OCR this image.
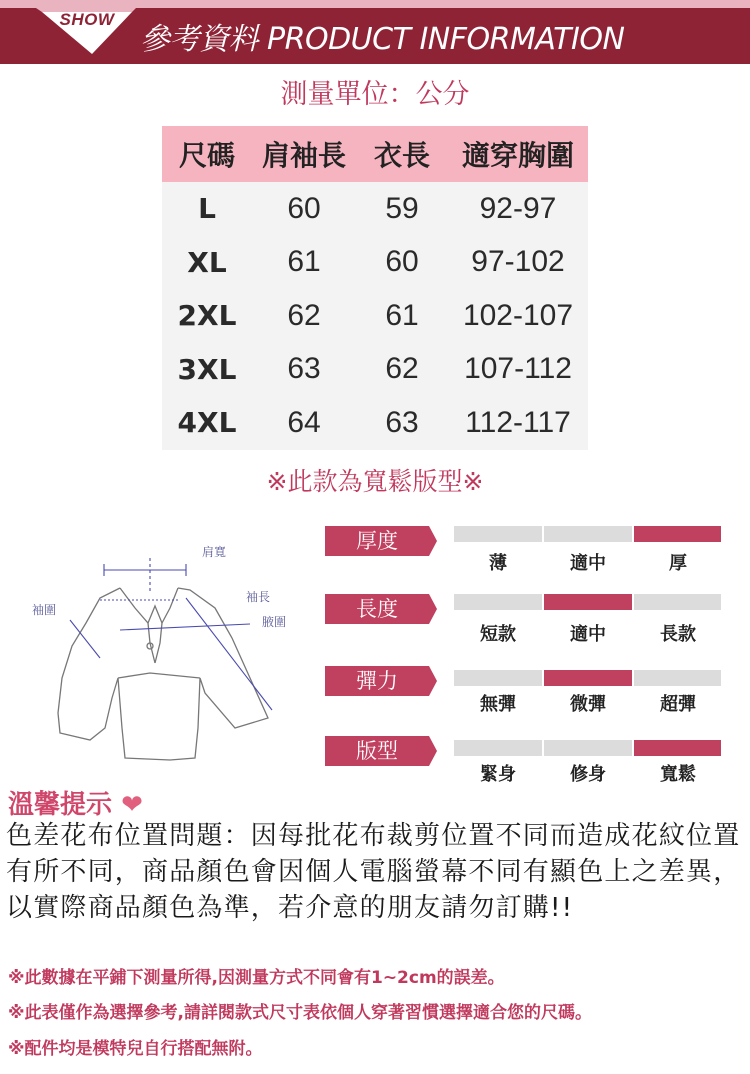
SHOW
參考資料 PRODUCT INFORMATION
測量單位：公分
尺碼	肩袖長	衣長	適穿胸圍
L	60	59	92-97
XL	61	60	97-102
2XL	62	61	102-107
3XL	63	62	107-112
4XL	64	63	112-117
※此款為寬鬆版型※
肩寬
袖長
袖圍
腋圍
厚度
薄	適中	厚
長度
短款	適中	長款
彈力
無彈	微彈	超彈
版型
緊身	修身	寬鬆
溫馨提示 ❤
色差花布位置問題：因每批花布裁剪位置不同而造成花紋位置有所不同，商品顏色會因個人電腦螢幕不同有顯色上之差異，以實際商品顏色為準，若介意的朋友請勿訂購!!
※此數據在平鋪下測量所得,因測量方式不同會有1~2cm的誤差。
※此表僅作為選擇參考,請詳閱款式尺寸表依個人穿著習慣選擇適合您的尺碼。
※配件均是模特兒自行搭配無附。
